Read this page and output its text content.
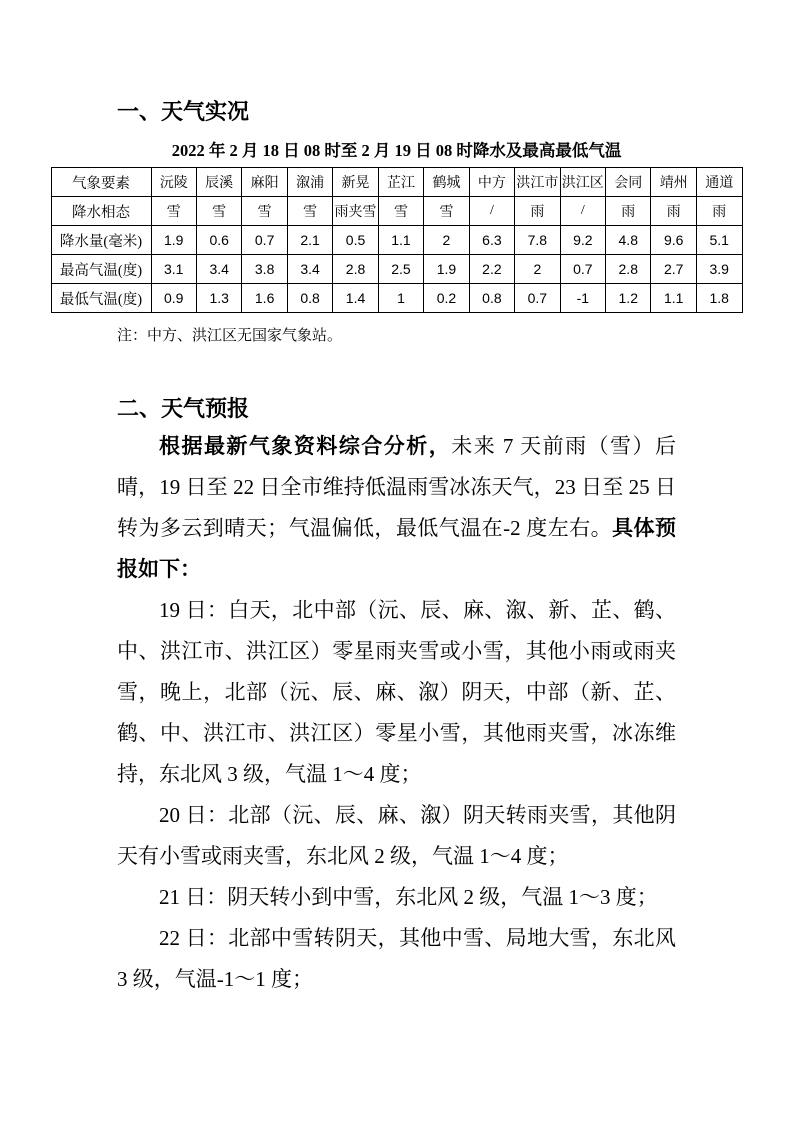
一、天气实况
2022 年 2 月 18 日 08 时至 2 月 19 日 08 时降水及最高最低气温
气象要素	沅陵	辰溪	麻阳	溆浦	新晃	芷江	鹤城	中方	洪江市	洪江区	会同	靖州	通道
降水相态	雪	雪	雪	雪	雨夹雪	雪	雪	/	雨	/	雨	雨	雨
降水量(毫米)	1.9	0.6	0.7	2.1	0.5	1.1	2	6.3	7.8	9.2	4.8	9.6	5.1
最高气温(度)	3.1	3.4	3.8	3.4	2.8	2.5	1.9	2.2	2	0.7	2.8	2.7	3.9
最低气温(度)	0.9	1.3	1.6	0.8	1.4	1	0.2	0.8	0.7	-1	1.2	1.1	1.8
注：中方、洪江区无国家气象站。
二、天气预报

根据最新气象资料综合分析，未来 7 天前雨（雪）后晴，19 日至 22 日全市维持低温雨雪冰冻天气，23 日至 25 日转为多云到晴天；气温偏低，最低气温在-2 度左右。具体预报如下：

19 日：白天，北中部（沅、辰、麻、溆、新、芷、鹤、中、洪江市、洪江区）零星雨夹雪或小雪，其他小雨或雨夹雪，晚上，北部（沅、辰、麻、溆）阴天，中部（新、芷、鹤、中、洪江市、洪江区）零星小雪，其他雨夹雪，冰冻维持，东北风 3 级，气温 1～4 度；

20 日：北部（沅、辰、麻、溆）阴天转雨夹雪，其他阴天有小雪或雨夹雪，东北风 2 级，气温 1～4 度；

21 日：阴天转小到中雪，东北风 2 级，气温 1～3 度；

22 日：北部中雪转阴天，其他中雪、局地大雪，东北风 3 级，气温-1～1 度；
